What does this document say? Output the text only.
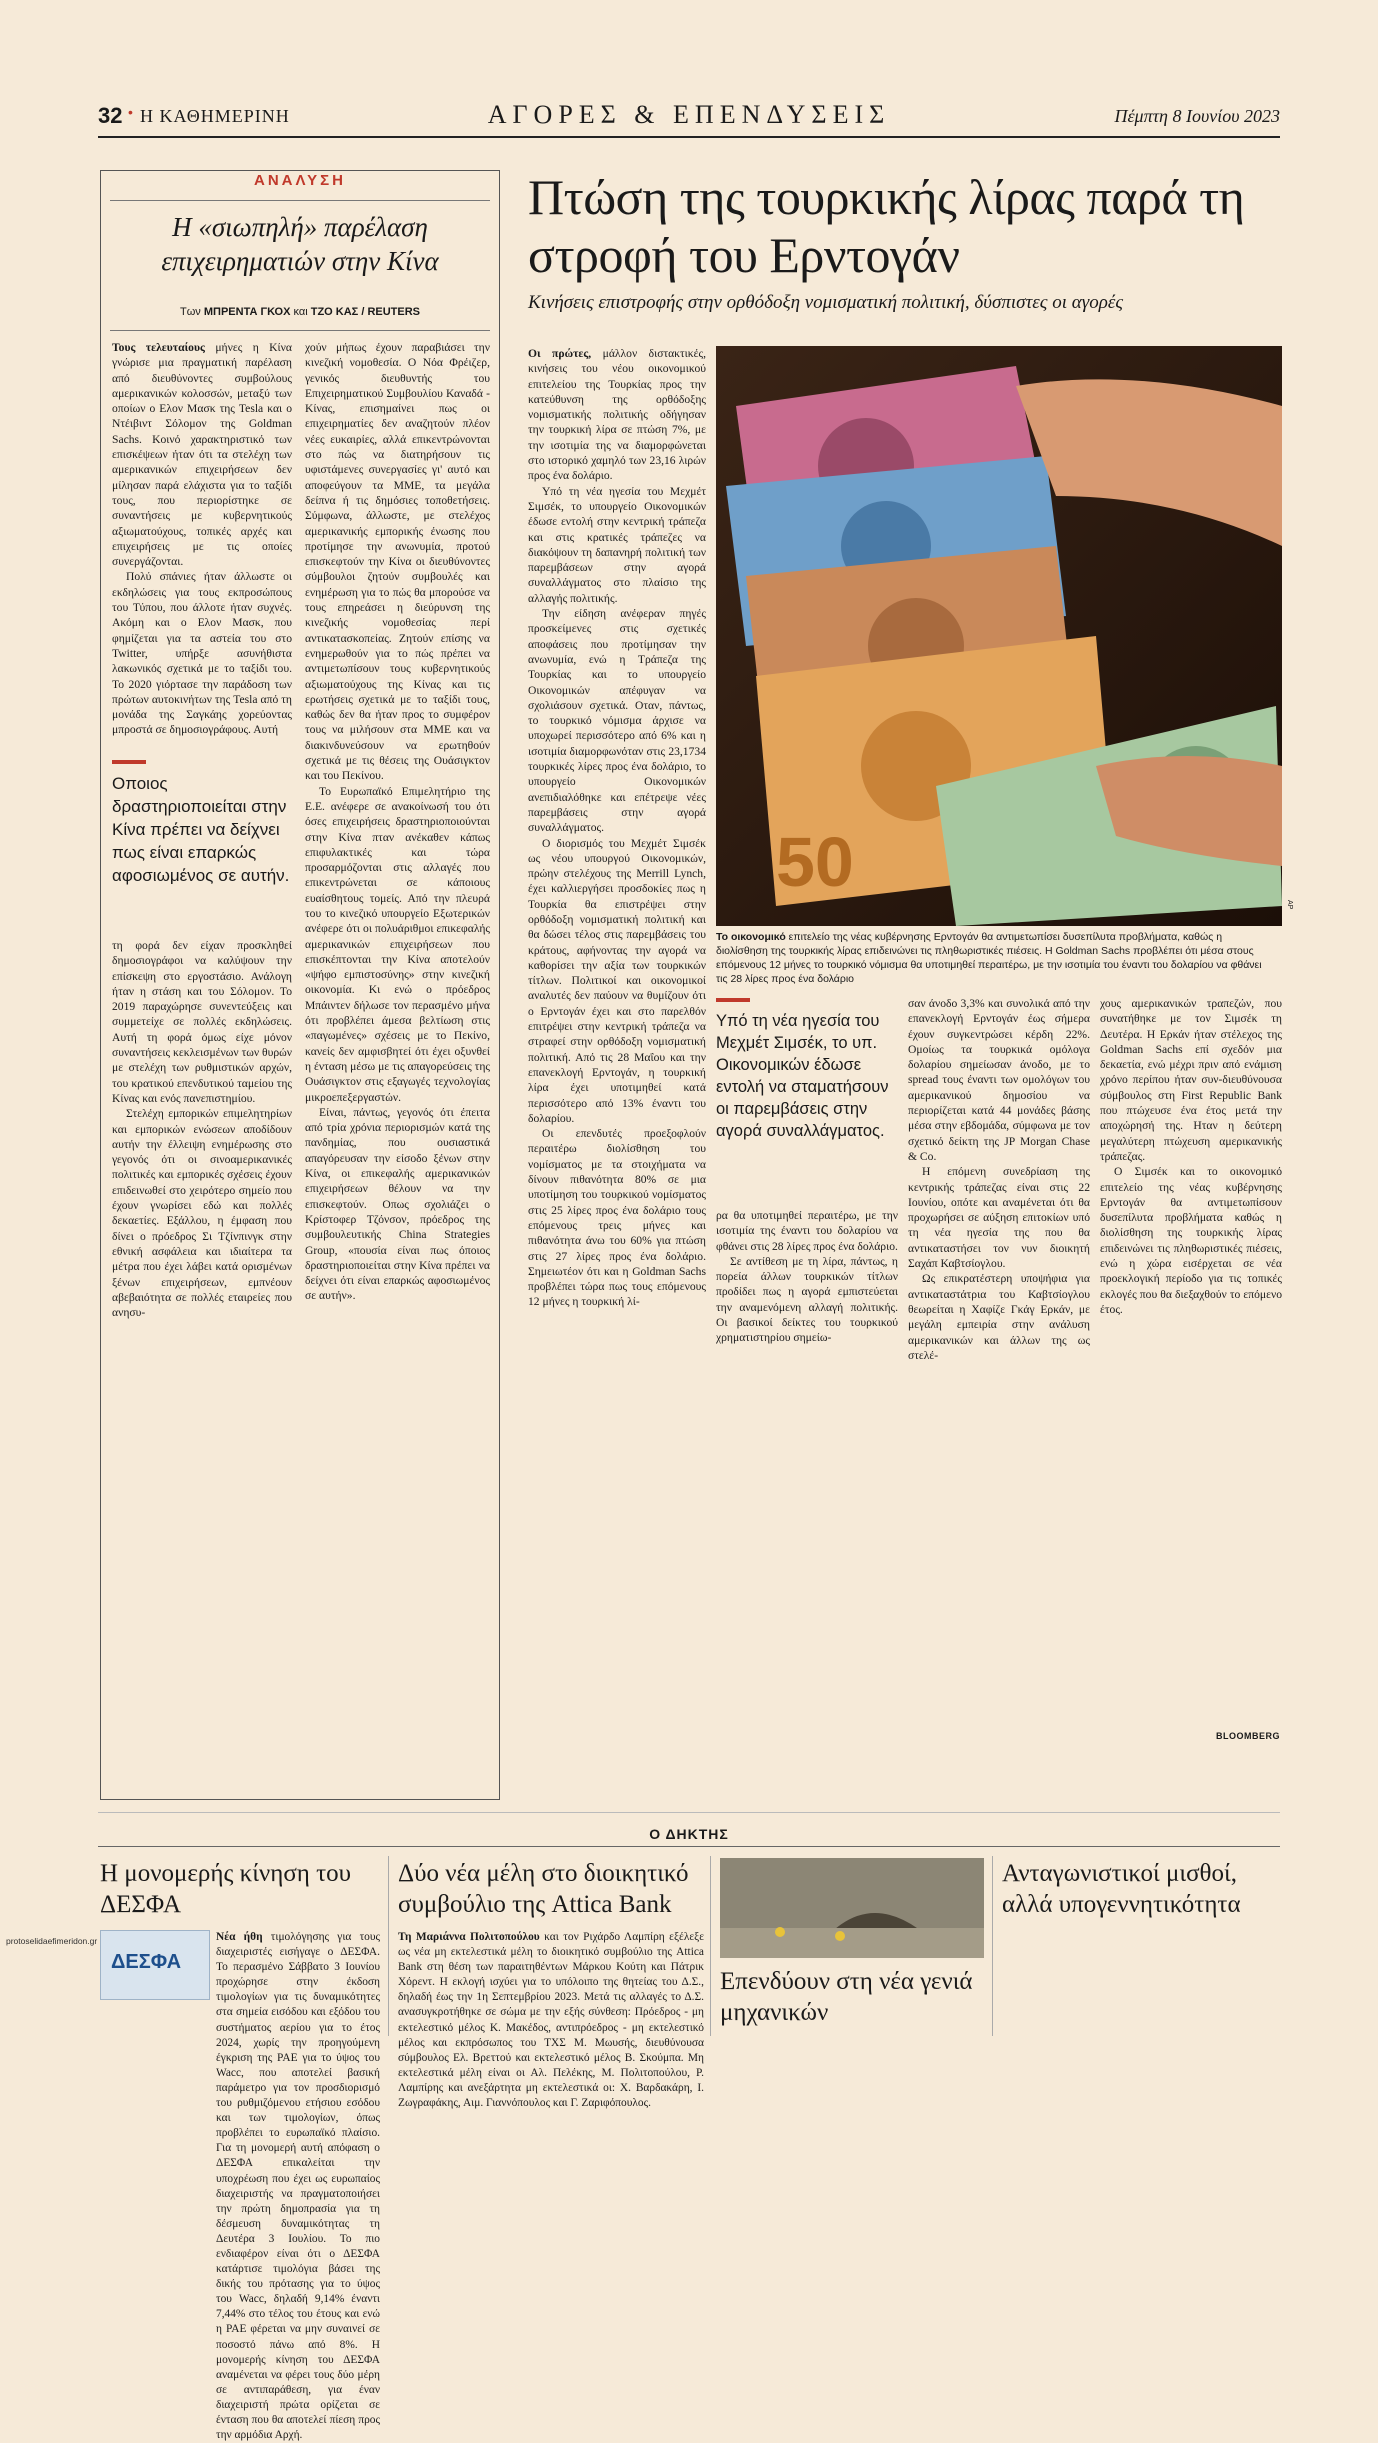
32 • Η ΚΑΘΗΜΕΡΙΝΗ	ΑΓΟΡΕΣ & ΕΠΕΝΔΥΣΕΙΣ	Πέμπτη 8 Ιουνίου 2023
ΑΝΑΛΥΣΗ
Η «σιωπηλή» παρέλαση επιχειρηματιών στην Κίνα
Των ΜΠΡΕΝΤΑ ΓΚΟΧ και ΤΖΟ ΚΑΣ / REUTERS

Τους τελευταίους μήνες η Κίνα γνώρισε μια πραγματική παρέλαση από διευθύνοντες συμβούλους αμερικανικών κολοσσών, μεταξύ των οποίων ο Ελον Μασκ της Tesla και ο Ντέιβιντ Σόλομον της Goldman Sachs. Κοινό χαρακτηριστικό των επισκέψεων ήταν ότι τα στελέχη των αμερικανικών επιχειρήσεων δεν μίλησαν παρά ελάχιστα για το ταξίδι τους, που περιορίστηκε σε συναντήσεις με κυβερνητικούς αξιωματούχους, τοπικές αρχές και επιχειρήσεις με τις οποίες συνεργάζονται.

Πολύ σπάνιες ήταν άλλωστε οι εκδηλώσεις για τους εκπροσώπους του Τύπου, που άλλοτε ήταν συχνές. Ακόμη και ο Ελον Μασκ, που φημίζεται για τα αστεία του στο Twitter, υπήρξε ασυνήθιστα λακωνικός σχετικά με το ταξίδι του. Το 2020 γιόρτασε την παράδοση των πρώτων αυτοκινήτων της Tesla από τη μονάδα της Σαγκάης χορεύοντας μπροστά σε δημοσιογράφους. Αυτή

Οποιος δραστηριοποιείται στην Κίνα πρέπει να δείχνει πως είναι επαρκώς αφοσιωμένος σε αυτήν.

τη φορά δεν είχαν προσκληθεί δημοσιογράφοι να καλύψουν την επίσκεψη στο εργοστάσιο. Ανάλογη ήταν η στάση και του Σόλομον. Το 2019 παραχώρησε συνεντεύξεις και συμμετείχε σε πολλές εκδηλώσεις. Αυτή τη φορά όμως είχε μόνον συναντήσεις κεκλεισμένων των θυρών με στελέχη των ρυθμιστικών αρχών, του κρατικού επενδυτικού ταμείου της Κίνας και ενός πανεπιστημίου.

Στελέχη εμπορικών επιμελητηρίων και εμπορικών ενώσεων αποδίδουν αυτήν την έλλειψη ενημέρωσης στο γεγονός ότι οι σινοαμερικανικές πολιτικές και εμπορικές σχέσεις έχουν επιδεινωθεί στο χειρότερο σημείο που έχουν γνωρίσει εδώ και πολλές δεκαετίες. Εξάλλου, η έμφαση που δίνει ο πρόεδρος Σι Τζίνπινγκ στην εθνική ασφάλεια και ιδιαίτερα τα μέτρα που έχει λάβει κατά ορισμένων ξένων επιχειρήσεων, εμπνέουν αβεβαιότητα σε πολλές εταιρείες που ανησυ-

χούν μήπως έχουν παραβιάσει την κινεζική νομοθεσία. Ο Νόα Φρέιζερ, γενικός διευθυντής του Επιχειρηματικού Συμβουλίου Καναδά - Κίνας, επισημαίνει πως οι επιχειρηματίες δεν αναζητούν πλέον νέες ευκαιρίες, αλλά επικεντρώνονται στο πώς να διατηρήσουν τις υφιστάμενες συνεργασίες γι' αυτό και αποφεύγουν τα ΜΜΕ, τα μεγάλα δείπνα ή τις δημόσιες τοποθετήσεις. Σύμφωνα, άλλωστε, με στελέχος αμερικανικής εμπορικής ένωσης που προτίμησε την ανωνυμία, προτού επισκεφτούν την Κίνα οι διευθύνοντες σύμβουλοι ζητούν συμβουλές και ενημέρωση για το πώς θα μπορούσε να τους επηρεάσει η διεύρυνση της κινεζικής νομοθεσίας περί αντικατασκοπείας. Ζητούν επίσης να ενημερωθούν για το πώς πρέπει να αντιμετωπίσουν τους κυβερνητικούς αξιωματούχους της Κίνας και τις ερωτήσεις σχετικά με το ταξίδι τους, καθώς δεν θα ήταν προς το συμφέρον τους να μιλήσουν στα ΜΜΕ και να διακινδυνεύσουν να ερωτηθούν σχετικά με τις θέσεις της Ουάσιγκτον και του Πεκίνου.

Το Ευρωπαϊκό Επιμελητήριο της Ε.Ε. ανέφερε σε ανακοίνωσή του ότι όσες επιχειρήσεις δραστηριοποιούνται στην Κίνα πταν ανέκαθεν κάπως επιφυλακτικές και τώρα προσαρμόζονται στις αλλαγές που επικεντρώνεται σε κάποιους ευαίσθητους τομείς. Από την πλευρά του το κινεζικό υπουργείο Εξωτερικών ανέφερε ότι οι πολυάριθμοι επικεφαλής αμερικανικών επιχειρήσεων που επισκέπτονται την Κίνα αποτελούν «ψήφο εμπιστοσύνης» στην κινεζική οικονομία. Κι ενώ ο πρόεδρος Μπάιντεν δήλωσε τον περασμένο μήνα ότι προβλέπει άμεσα βελτίωση στις «παγωμένες» σχέσεις με το Πεκίνο, κανείς δεν αμφισβητεί ότι έχει οξυνθεί η ένταση μέσω με τις απαγορεύσεις της Ουάσιγκτον στις εξαγωγές τεχνολογίας μικροεπεξεργαστών.

Είναι, πάντως, γεγονός ότι έπειτα από τρία χρόνια περιορισμών κατά της πανδημίας, που ουσιαστικά απαγόρευσαν την είσοδο ξένων στην Κίνα, οι επικεφαλής αμερικανικών επιχειρήσεων θέλουν να την επισκεφτούν. Οπως σχολιάζει ο Κρίστοφερ Τζόνσον, πρόεδρος της συμβουλευτικής China Strategies Group, «πουσία είναι πως όποιος δραστηριοποιείται στην Κίνα πρέπει να δείχνει ότι είναι επαρκώς αφοσιωμένος σε αυτήν».

Πτώση της τουρκικής λίρας παρά τη στροφή του Ερντογάν
Κινήσεις επιστροφής στην ορθόδοξη νομισματική πολιτική, δύσπιστες οι αγορές

Οι πρώτες, μάλλον διστακτικές, κινήσεις του νέου οικονομικού επιτελείου της Τουρκίας προς την κατεύθυνση της ορθόδοξης νομισματικής πολιτικής οδήγησαν την τουρκική λίρα σε πτώση 7%, με την ισοτιμία της να διαμορφώνεται στο ιστορικό χαμηλό των 23,16 λιρών προς ένα δολάριο.

Υπό τη νέα ηγεσία του Μεχμέτ Σιμσέκ, το υπουργείο Οικονομικών έδωσε εντολή στην κεντρική τράπεζα και στις κρατικές τράπεζες να διακόψουν τη δαπανηρή πολιτική των παρεμβάσεων στην αγορά συναλλάγματος στο πλαίσιο της αλλαγής πολιτικής.

Την είδηση ανέφεραν πηγές προσκείμενες στις σχετικές αποφάσεις που προτίμησαν την ανωνυμία, ενώ η Τράπεζα της Τουρκίας και το υπουργείο Οικονομικών απέφυγαν να σχολιάσουν σχετικά. Οταν, πάντως, το τουρκικό νόμισμα άρχισε να υποχωρεί περισσότερο από 6% και η ισοτιμία διαμορφωνόταν στις 23,1734 τουρκικές λίρες προς ένα δολάριο, το υπουργείο Οικονομικών ανεπιδιαλόθηκε και επέτρεψε νέες παρεμβάσεις στην αγορά συναλλάγματος.

Ο διορισμός του Μεχμέτ Σιμσέκ ως νέου υπουργού Οικονομικών, πρώην στελέχους της Merrill Lynch, έχει καλλιεργήσει προσδοκίες πως η Τουρκία θα επιστρέψει στην ορθόδοξη νομισματική πολιτική και θα δώσει τέλος στις παρεμβάσεις του κράτους, αφήνοντας την αγορά να καθορίσει την αξία των τουρκικών τίτλων. Πολιτικοί και οικονομικοί αναλυτές δεν παύουν να θυμίζουν ότι ο Ερντογάν έχει και στο παρελθόν επιτρέψει στην κεντρική τράπεζα να στραφεί στην ορθόδοξη νομισματική πολιτική. Από τις 28 Μαΐου και την επανεκλογή Ερντογάν, η τουρκική λίρα έχει υποτιμηθεί κατά περισσότερο από 13% έναντι του δολαρίου.

Οι επενδυτές προεξοφλούν περαιτέρω διολίσθηση του νομίσματος με τα στοιχήματα να δίνουν πιθανότητα 80% σε μια υποτίμηση του τουρκικού νομίσματος στις 25 λίρες προς ένα δολάριο τους επόμενους τρεις μήνες και πιθανότητα άνω του 60% για πτώση στις 27 λίρες προς ένα δολάριο. Σημειωτέον ότι και η Goldman Sachs προβλέπει τώρα πως τους επόμενους 12 μήνες η τουρκική λί-

50
AP
Το οικονομικό επιτελείο της νέας κυβέρνησης Ερντογάν θα αντιμετωπίσει δυσεπίλυτα προβλήματα, καθώς η διολίσθηση της τουρκικής λίρας επιδεινώνει τις πληθωριστικές πιέσεις. Η Goldman Sachs προβλέπει ότι μέσα στους επόμενους 12 μήνες το τουρκικό νόμισμα θα υποτιμηθεί περαιτέρω, με την ισοτιμία του έναντι του δολαρίου να φθάνει τις 28 λίρες προς ένα δολάριο
Υπό τη νέα ηγεσία του Μεχμέτ Σιμσέκ, το υπ. Οικονομικών έδωσε εντολή να σταματήσουν οι παρεμβάσεις στην αγορά συναλλάγματος.

ρα θα υποτιμηθεί περαιτέρω, με την ισοτιμία της έναντι του δολαρίου να φθάνει στις 28 λίρες προς ένα δολάριο.

Σε αντίθεση με τη λίρα, πάντως, η πορεία άλλων τουρκικών τίτλων προδίδει πως η αγορά εμπιστεύεται την αναμενόμενη αλλαγή πολιτικής. Οι βασικοί δείκτες του τουρκικού χρηματιστηρίου σημείω-

σαν άνοδο 3,3% και συνολικά από την επανεκλογή Ερντογάν έως σήμερα έχουν συγκεντρώσει κέρδη 22%. Ομοίως τα τουρκικά ομόλογα δολαρίου σημείωσαν άνοδο, με το spread τους έναντι των ομολόγων του αμερικανικού δημοσίου να περιορίζεται κατά 44 μονάδες βάσης μέσα στην εβδομάδα, σύμφωνα με τον σχετικό δείκτη της JP Morgan Chase & Co.

Η επόμενη συνεδρίαση της κεντρικής τράπεζας είναι στις 22 Ιουνίου, οπότε και αναμένεται ότι θα προχωρήσει σε αύξηση επιτοκίων υπό τη νέα ηγεσία της που θα αντικαταστήσει τον νυν διοικητή Σαχάπ Καβτσίογλου.

Ως επικρατέστερη υποψήφια για αντικαταστάτρια του Καβτσίογλου θεωρείται η Χαφίζε Γκάγ Ερκάν, με μεγάλη εμπειρία στην ανάλυση αμερικανικών και άλλων της ως στελέ-

χους αμερικανικών τραπεζών, που συνατήθηκε με τον Σιμσέκ τη Δευτέρα. Η Ερκάν ήταν στέλεχος της Goldman Sachs επί σχεδόν μια δεκαετία, ενώ μέχρι πριν από ενάμιση χρόνο περίπου ήταν συν-διευθύνουσα σύμβουλος στη First Republic Bank που πτώχευσε ένα έτος μετά την αποχώρησή της. Ηταν η δεύτερη μεγαλύτερη πτώχευση αμερικανικής τράπεζας.

Ο Σιμσέκ και το οικονομικό επιτελείο της νέας κυβέρνησης Ερντογάν θα αντιμετωπίσουν δυσεπίλυτα προβλήματα καθώς η διολίσθηση της τουρκικής λίρας επιδεινώνει τις πληθωριστικές πιέσεις, ενώ η χώρα εισέρχεται σε νέα προεκλογική περίοδο για τις τοπικές εκλογές που θα διεξαχθούν το επόμενο έτος.

BLOOMBERG
Ο ΔΗΚΤΗΣ
Η μονομερής κίνηση του ΔΕΣΦΑ
ΔΕΣΦΑ

Νέα ήθη τιμολόγησης για τους διαχειριστές εισήγαγε ο ΔΕΣΦΑ. Το περασμένο Σάββατο 3 Ιουνίου προχώρησε στην έκδοση τιμολογίων για τις δυναμικότητες στα σημεία εισόδου και εξόδου του συστήματος αερίου για το έτος 2024, χωρίς την προηγούμενη έγκριση της ΡΑΕ για το ύψος του Wacc, που αποτελεί βασική παράμετρο για τον προσδιορισμό του ρυθμιζόμενου ετήσιου εσόδου και των τιμολογίων, όπως προβλέπει το ευρωπαϊκό πλαίσιο. Για τη μονομερή αυτή απόφαση ο ΔΕΣΦΑ επικαλείται την υποχρέωση που έχει ως ευρωπαίος διαχειριστής να πραγματοποιήσει την πρώτη δημοπρασία για τη δέσμευση δυναμικότητας τη Δευτέρα 3 Ιουλίου. Το πιο ενδιαφέρον είναι ότι ο ΔΕΣΦΑ κατάρτισε τιμολόγια βάσει της δικής του πρότασης για το ύψος του Wacc, δηλαδή 9,14% έναντι 7,44% στο τέλος του έτους και ενώ η ΡΑΕ φέρεται να μην συναινεί σε ποσοστό πάνω από 8%. Η μονομερής κίνηση του ΔΕΣΦΑ αναμένεται να φέρει τους δύο μέρη σε αντιπαράθεση, για έναν διαχειριστή πρώτα ορίζεται σε ένταση που θα αποτελεί πίεση προς την αρμόδια Αρχή.

Δύο νέα μέλη στο διοικητικό συμβούλιο της Attica Bank

Τη Μαριάννα Πολιτοπούλου και τον Ριχάρδο Λαμπίρη εξέλεξε ως νέα μη εκτελεστικά μέλη το διοικητικό συμβούλιο της Attica Bank στη θέση των παραιτηθέντων Μάρκου Κούτη και Πάτρικ Χόρεντ. Η εκλογή ισχύει για το υπόλοιπο της θητείας του Δ.Σ., δηλαδή έως την 1η Σεπτεμβρίου 2023. Μετά τις αλλαγές το Δ.Σ. ανασυγκροτήθηκε σε σώμα με την εξής σύνθεση: Πρόεδρος - μη εκτελεστικό μέλος Κ. Μακέδος, αντιπρόεδρος - μη εκτελεστικό μέλος και εκπρόσωπος του ΤΧΣ Μ. Μωυσής, διευθύνουσα σύμβουλος Ελ. Βρεττού και εκτελεστικό μέλος Β. Σκούμπα. Μη εκτελεστικά μέλη είναι οι Αλ. Πελέκης, Μ. Πολιτοπούλου, Ρ. Λαμπίρης και ανεξάρτητα μη εκτελεστικά οι: Χ. Βαρδακάρη, Ι. Ζωγραφάκης, Αιμ. Γιαννόπουλος και Γ. Ζαριφόπουλος.

Επενδύουν στη νέα γενιά μηχανικών
Ανταγωνιστικοί μισθοί, αλλά υπογεννητικότητα
protoselidaefimeridon.gr
